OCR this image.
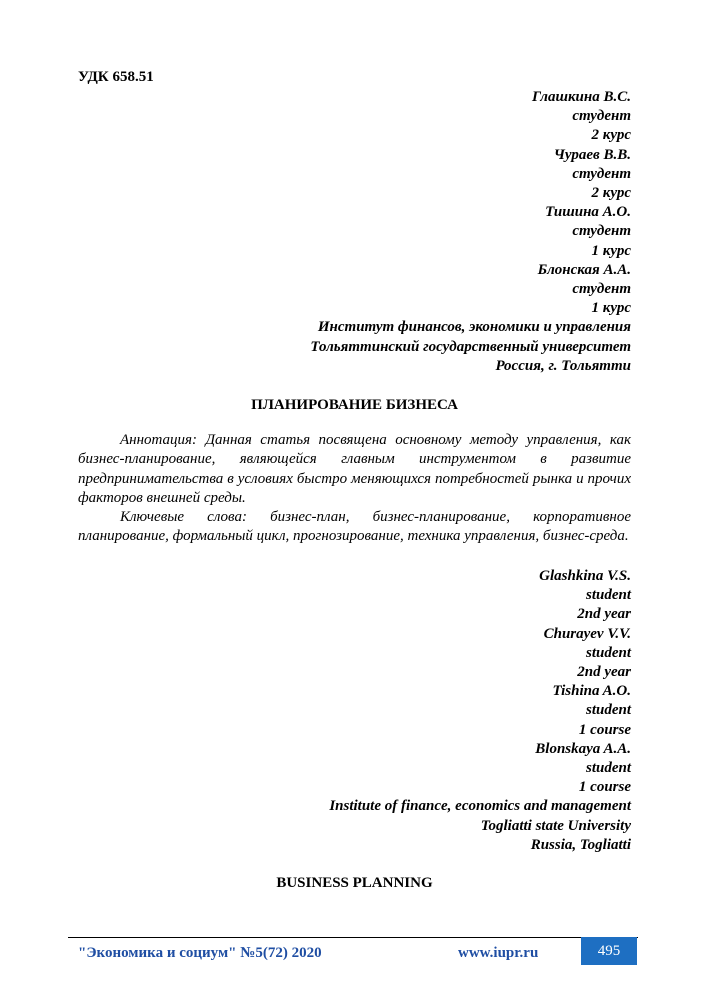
УДК 658.51
Глашкина В.С.
студент
2 курс
Чураев В.В.
студент
2 курс
Тишина А.О.
студент
1 курс
Блонская А.А.
студент
1 курс
Институт финансов, экономики и управления
Тольяттинский государственный университет
Россия, г. Тольятти
ПЛАНИРОВАНИЕ БИЗНЕСА

Аннотация: Данная статья посвящена основному методу управления, как бизнес-планирование, являющейся главным инструментом в развитие предпринимательства в условиях быстро меняющихся потребностей рынка и прочих факторов внешней среды.

Ключевые слова: бизнес-план, бизнес-планирование, корпоративное планирование, формальный цикл, прогнозирование, техника управления, бизнес-среда.

Glashkina V.S.
student
2nd year
Churayev V.V.
student
2nd year
Tishina A.O.
student
1 course
Blonskaya A.A.
student
1 course
Institute of finance, economics and management
Togliatti state University
Russia, Togliatti
BUSINESS PLANNING
"Экономика и социум" №5(72) 2020	www.iupr.ru	495
